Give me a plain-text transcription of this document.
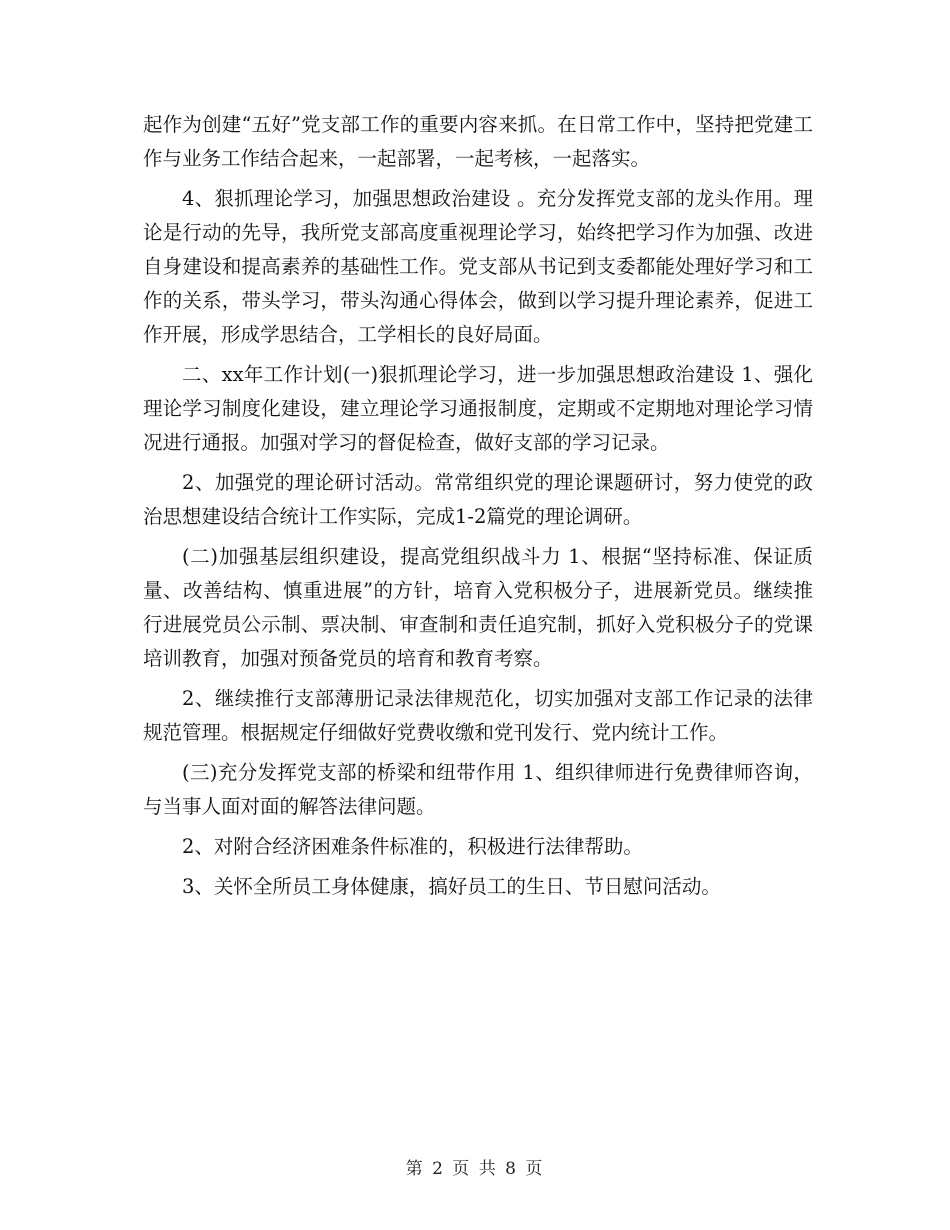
起作为创建“五好”党支部工作的重要内容来抓。在日常工作中，坚持把党建工作与业务工作结合起来，一起部署，一起考核，一起落实。

4、狠抓理论学习，加强思想政治建设 。充分发挥党支部的龙头作用。理论是行动的先导，我所党支部高度重视理论学习，始终把学习作为加强、改进自身建设和提高素养的基础性工作。党支部从书记到支委都能处理好学习和工作的关系，带头学习，带头沟通心得体会，做到以学习提升理论素养，促进工作开展，形成学思结合，工学相长的良好局面。

二、xx年工作计划(一)狠抓理论学习，进一步加强思想政治建设 1、强化理论学习制度化建设，建立理论学习通报制度，定期或不定期地对理论学习情况进行通报。加强对学习的督促检查，做好支部的学习记录。

2、加强党的理论研讨活动。常常组织党的理论课题研讨，努力使党的政治思想建设结合统计工作实际，完成1-2篇党的理论调研。

(二)加强基层组织建设，提高党组织战斗力 1、根据“坚持标准、保证质量、改善结构、慎重进展”的方针，培育入党积极分子，进展新党员。继续推行进展党员公示制、票决制、审查制和责任追究制，抓好入党积极分子的党课培训教育，加强对预备党员的培育和教育考察。

2、继续推行支部薄册记录法律规范化，切实加强对支部工作记录的法律规范管理。根据规定仔细做好党费收缴和党刊发行、党内统计工作。

(三)充分发挥党支部的桥梁和纽带作用 1、组织律师进行免费律师咨询，与当事人面对面的解答法律问题。

2、对附合经济困难条件标准的，积极进行法律帮助。

3、关怀全所员工身体健康，搞好员工的生日、节日慰问活动。

第 2 页 共 8 页
